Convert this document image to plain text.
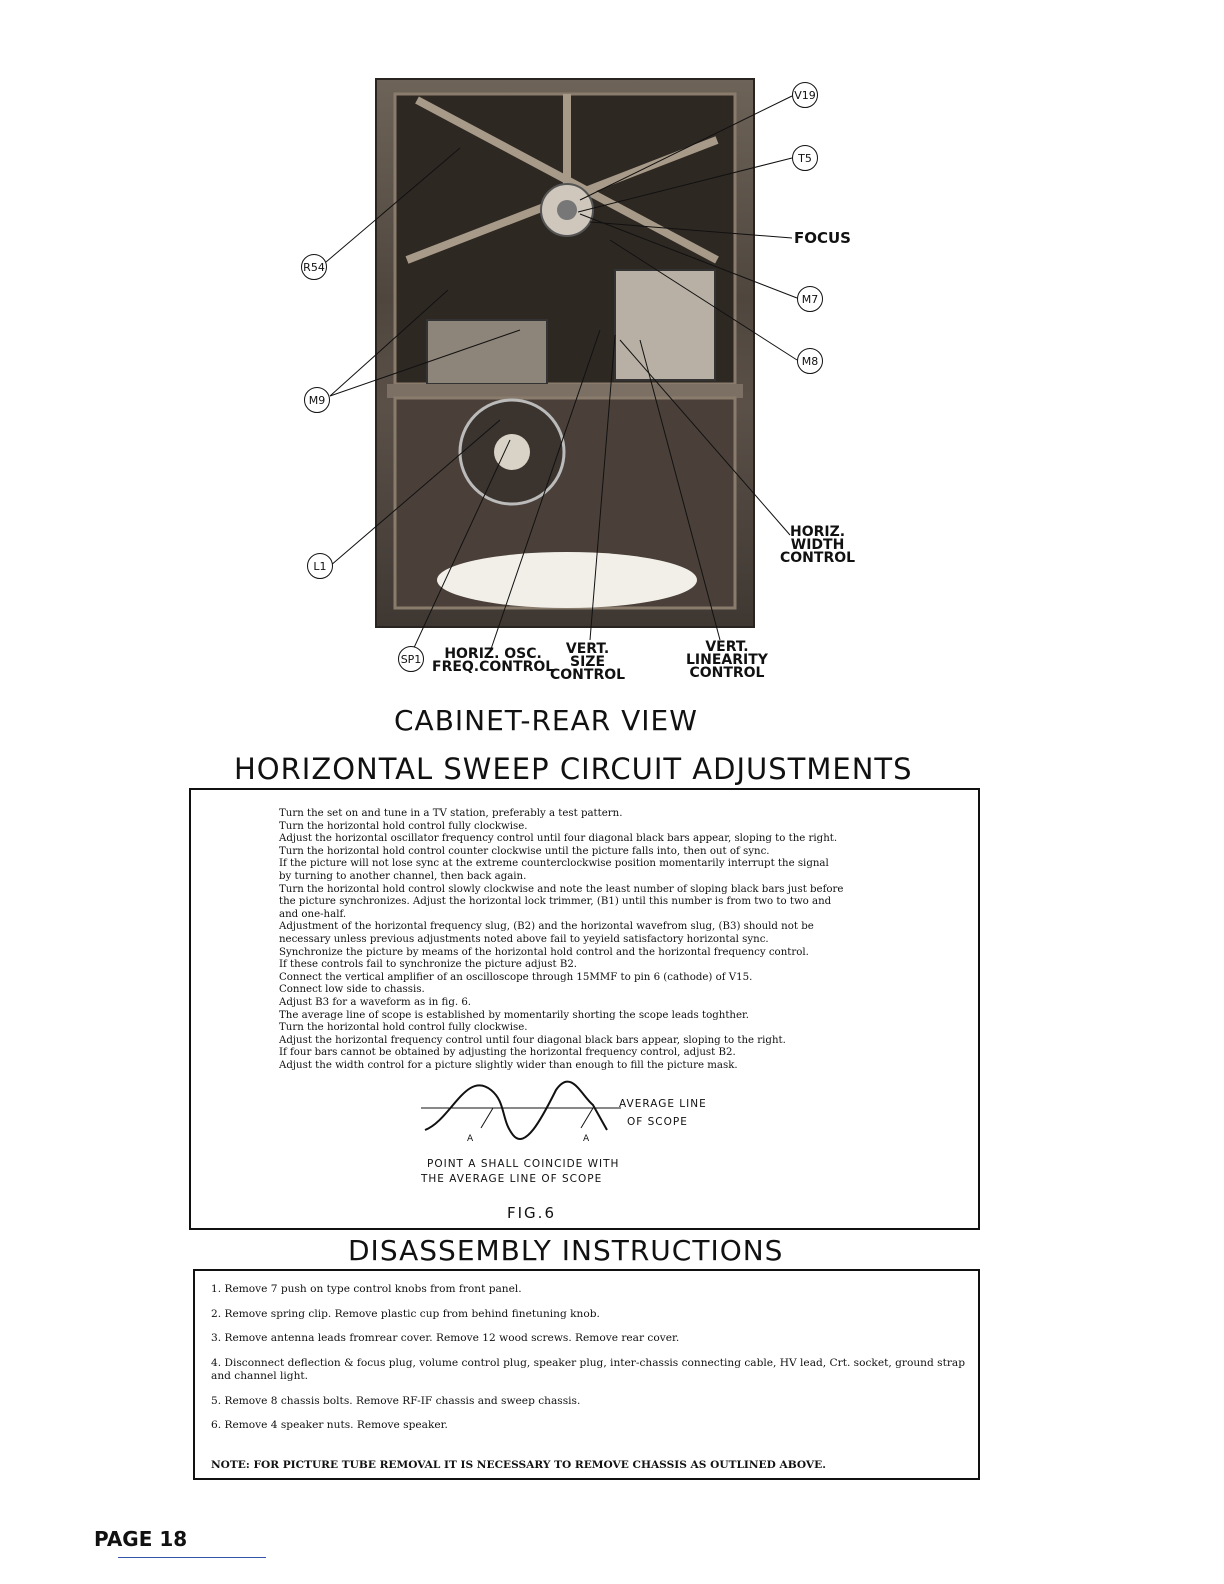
V19
T5
FOCUS
R54
M7
M8
M9
HORIZ.
WIDTH
CONTROL
L1
SP1	HORIZ. OSC.
FREQ.CONTROL
VERT.
SIZE
CONTROL
VERT.
LINEARITY
CONTROL
CABINET-REAR VIEW
HORIZONTAL SWEEP CIRCUIT ADJUSTMENTS
Turn the set on and tune in a TV station, preferably a test pattern.
Turn the horizontal hold control fully clockwise.
Adjust the horizontal oscillator frequency control until four diagonal black bars appear, sloping to the right.
Turn the horizontal hold control counter clockwise until the picture falls into, then out of sync.
If the picture will not lose sync at the extreme counterclockwise position momentarily interrupt the signal
by turning to another channel, then back again.
Turn the horizontal hold control slowly clockwise and note the least number of sloping black bars just before
the picture synchronizes. Adjust the horizontal lock trimmer, (B1) until this number is from two to two and
and one-half.
Adjustment of the horizontal frequency slug, (B2) and the horizontal wavefrom slug, (B3) should not be
necessary unless previous adjustments noted above fail to yeyield satisfactory horizontal sync.
Synchronize the picture by meams of the horizontal hold control and the horizontal frequency control.
If these controls fail to synchronize the picture adjust B2.
Connect the vertical amplifier of an oscilloscope through 15MMF to pin 6 (cathode) of V15.
Connect low side to chassis.
Adjust B3 for a waveform as in fig. 6.
The average line of scope is established by momentarily shorting the scope leads toghther.
Turn the horizontal hold control fully clockwise.
Adjust the horizontal frequency control until four diagonal black bars appear, sloping to the right.
If four bars cannot be obtained by adjusting the horizontal frequency control, adjust B2.
Adjust the width control for a picture slightly wider than enough to fill the picture mask.
AVERAGE LINE
OF SCOPE
A	A
POINT A SHALL COINCIDE WITH
THE AVERAGE LINE OF SCOPE
FIG.6
DISASSEMBLY INSTRUCTIONS
1. Remove 7 push on type control knobs from front panel.
2. Remove spring clip. Remove plastic cup from behind finetuning knob.
3. Remove antenna leads fromrear cover. Remove 12 wood screws. Remove rear cover.
4. Disconnect deflection & focus plug, volume control plug, speaker plug, inter-chassis connecting cable, HV lead, Crt. socket, ground strap and channel light.
5. Remove 8 chassis bolts. Remove RF-IF chassis and sweep chassis.
6. Remove 4 speaker nuts. Remove speaker.
NOTE: FOR PICTURE TUBE REMOVAL IT IS NECESSARY TO REMOVE CHASSIS AS OUTLINED ABOVE.
PAGE 18
